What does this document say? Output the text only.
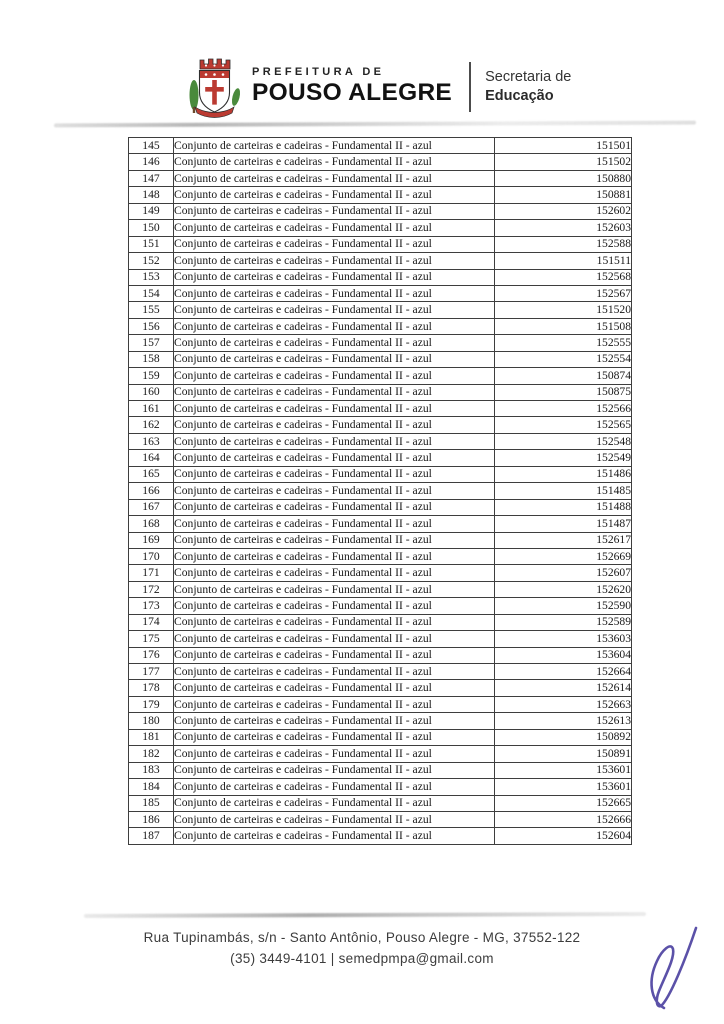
PREFEITURA DE
POUSO ALEGRE
Secretaria de
Educação
145	Conjunto de carteiras e cadeiras - Fundamental II - azul	151501
146	Conjunto de carteiras e cadeiras - Fundamental II - azul	151502
147	Conjunto de carteiras e cadeiras - Fundamental II - azul	150880
148	Conjunto de carteiras e cadeiras - Fundamental II - azul	150881
149	Conjunto de carteiras e cadeiras - Fundamental II - azul	152602
150	Conjunto de carteiras e cadeiras - Fundamental II - azul	152603
151	Conjunto de carteiras e cadeiras - Fundamental II - azul	152588
152	Conjunto de carteiras e cadeiras - Fundamental II - azul	151511
153	Conjunto de carteiras e cadeiras - Fundamental II - azul	152568
154	Conjunto de carteiras e cadeiras - Fundamental II - azul	152567
155	Conjunto de carteiras e cadeiras - Fundamental II - azul	151520
156	Conjunto de carteiras e cadeiras - Fundamental II - azul	151508
157	Conjunto de carteiras e cadeiras - Fundamental II - azul	152555
158	Conjunto de carteiras e cadeiras - Fundamental II - azul	152554
159	Conjunto de carteiras e cadeiras - Fundamental II - azul	150874
160	Conjunto de carteiras e cadeiras - Fundamental II - azul	150875
161	Conjunto de carteiras e cadeiras - Fundamental II - azul	152566
162	Conjunto de carteiras e cadeiras - Fundamental II - azul	152565
163	Conjunto de carteiras e cadeiras - Fundamental II - azul	152548
164	Conjunto de carteiras e cadeiras - Fundamental II - azul	152549
165	Conjunto de carteiras e cadeiras - Fundamental II - azul	151486
166	Conjunto de carteiras e cadeiras - Fundamental II - azul	151485
167	Conjunto de carteiras e cadeiras - Fundamental II - azul	151488
168	Conjunto de carteiras e cadeiras - Fundamental II - azul	151487
169	Conjunto de carteiras e cadeiras - Fundamental II - azul	152617
170	Conjunto de carteiras e cadeiras - Fundamental II - azul	152669
171	Conjunto de carteiras e cadeiras - Fundamental II - azul	152607
172	Conjunto de carteiras e cadeiras - Fundamental II - azul	152620
173	Conjunto de carteiras e cadeiras - Fundamental II - azul	152590
174	Conjunto de carteiras e cadeiras - Fundamental II - azul	152589
175	Conjunto de carteiras e cadeiras - Fundamental II - azul	153603
176	Conjunto de carteiras e cadeiras - Fundamental II - azul	153604
177	Conjunto de carteiras e cadeiras - Fundamental II - azul	152664
178	Conjunto de carteiras e cadeiras - Fundamental II - azul	152614
179	Conjunto de carteiras e cadeiras - Fundamental II - azul	152663
180	Conjunto de carteiras e cadeiras - Fundamental II - azul	152613
181	Conjunto de carteiras e cadeiras - Fundamental II - azul	150892
182	Conjunto de carteiras e cadeiras - Fundamental II - azul	150891
183	Conjunto de carteiras e cadeiras - Fundamental II - azul	153601
184	Conjunto de carteiras e cadeiras - Fundamental II - azul	153601
185	Conjunto de carteiras e cadeiras - Fundamental II - azul	152665
186	Conjunto de carteiras e cadeiras - Fundamental II - azul	152666
187	Conjunto de carteiras e cadeiras - Fundamental II - azul	152604
Rua Tupinambás, s/n - Santo Antônio, Pouso Alegre - MG, 37552-122
(35) 3449-4101 | semedpmpa@gmail.com
